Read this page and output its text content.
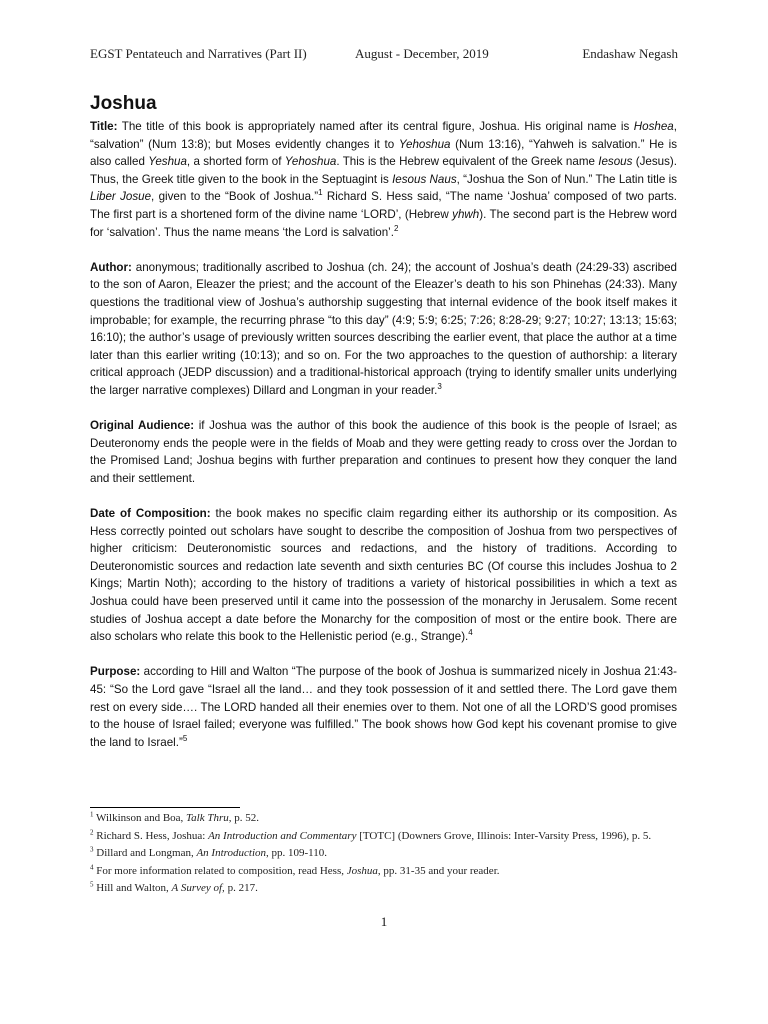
EGST Pentateuch and Narratives (Part II)	August - December, 2019	Endashaw Negash
Joshua

Title: The title of this book is appropriately named after its central figure, Joshua. His original name is Hoshea, “salvation” (Num 13:8); but Moses evidently changes it to Yehoshua (Num 13:16), “Yahweh is salvation.” He is also called Yeshua, a shorted form of Yehoshua. This is the Hebrew equivalent of the Greek name Iesous (Jesus). Thus, the Greek title given to the book in the Septuagint is Iesous Naus, “Joshua the Son of Nun.” The Latin title is Liber Josue, given to the “Book of Joshua.”$^1$ Richard S. Hess said, “The name ‘Joshua’ composed of two parts. The first part is a shortened form of the divine name ‘LORD’, (Hebrew yhwh). The second part is the Hebrew word for ‘salvation’. Thus the name means ‘the Lord is salvation’.$^2$

Author: anonymous; traditionally ascribed to Joshua (ch. 24); the account of Joshua’s death (24:29-33) ascribed to the son of Aaron, Eleazer the priest; and the account of the Eleazer’s death to his son Phinehas (24:33). Many questions the traditional view of Joshua’s authorship suggesting that internal evidence of the book itself makes it improbable; for example, the recurring phrase “to this day” (4:9; 5:9; 6:25; 7:26; 8:28-29; 9:27; 10:27; 13:13; 15:63; 16:10); the author’s usage of previously written sources describing the earlier event, that place the author at a time later than this earlier writing (10:13); and so on. For the two approaches to the question of authorship: a literary critical approach (JEDP discussion) and a traditional-historical approach (trying to identify smaller units underlying the larger narrative complexes) Dillard and Longman in your reader.$^3$

Original Audience: if Joshua was the author of this book the audience of this book is the people of Israel; as Deuteronomy ends the people were in the fields of Moab and they were getting ready to cross over the Jordan to the Promised Land; Joshua begins with further preparation and continues to present how they conquer the land and their settlement.

Date of Composition: the book makes no specific claim regarding either its authorship or its composition. As Hess correctly pointed out scholars have sought to describe the composition of Joshua from two perspectives of higher criticism: Deuteronomistic sources and redactions, and the history of traditions. According to Deuteronomistic sources and redaction late seventh and sixth centuries BC (Of course this includes Joshua to 2 Kings; Martin Noth); according to the history of traditions a variety of historical possibilities in which a text as Joshua could have been preserved until it came into the possession of the monarchy in Jerusalem. Some recent studies of Joshua accept a date before the Monarchy for the composition of most or the entire book. There are also scholars who relate this book to the Hellenistic period (e.g., Strange).$^4$

Purpose: according to Hill and Walton “The purpose of the book of Joshua is summarized nicely in Joshua 21:43-45: “So the Lord gave “Israel all the land… and they took possession of it and settled there. The Lord gave them rest on every side…. The LORD handed all their enemies over to them. Not one of all the LORD’S good promises to the house of Israel failed; everyone was fulfilled.” The book shows how God kept his covenant promise to give the land to Israel.”$^5$

$^1$ Wilkinson and Boa, Talk Thru, p. 52.

$^2$ Richard S. Hess, Joshua: An Introduction and Commentary [TOTC] (Downers Grove, Illinois: Inter-Varsity Press, 1996), p. 5.

$^3$ Dillard and Longman, An Introduction, pp. 109-110.

$^4$ For more information related to composition, read Hess, Joshua, pp. 31-35 and your reader.

$^5$ Hill and Walton, A Survey of, p. 217.

1
